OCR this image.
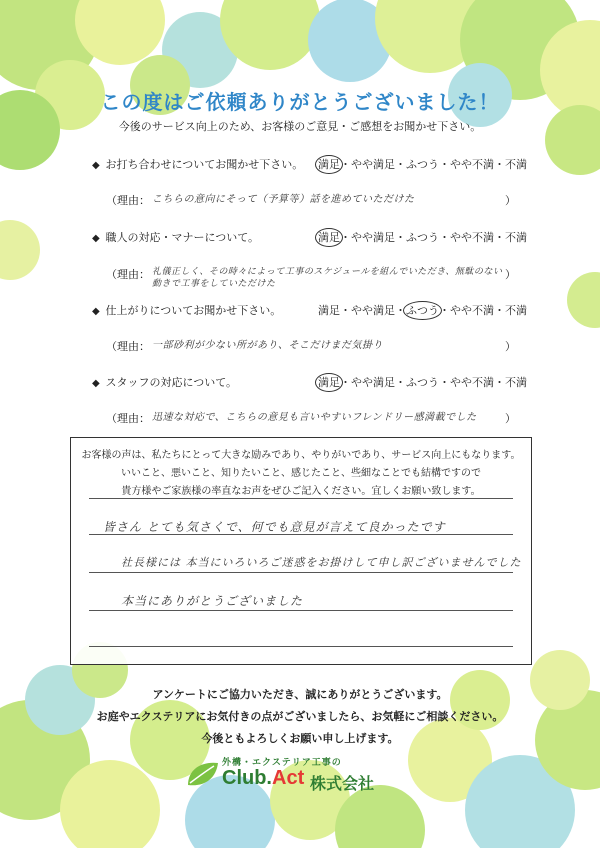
この度はご依頼ありがとうございました！
今後のサービス向上のため、お客様のご意見・ご感想をお聞かせ下さい。
◆ お打ち合わせについてお聞かせ下さい。 満足・やや満足・ふつう・やや不満・不満
（理由： こちらの意向にそって（予算等）話を進めていただけた	）
◆ 職人の対応・マナーについて。	満足・やや満足・ふつう・やや不満・不満
（理由： 礼儀正しく、その時々によって工事のスケジュールを組んでいただき、無駄のない
動きで工事をしていただけた
）
◆ 仕上がりについてお聞かせ下さい。	満足・やや満足・ふつう・やや不満・不満
（理由： 一部砂利が少ない所があり、そこだけまだ気掛り	）
◆ スタッフの対応について。	満足・やや満足・ふつう・やや不満・不満
（理由： 迅速な対応で、こちらの意見も言いやすいフレンドリー感満載でした	）
お客様の声は、私たちにとって大きな励みであり、やりがいであり、サービス向上にもなります。
いいこと、悪いこと、知りたいこと、感じたこと、些細なことでも結構ですので
貴方様やご家族様の率直なお声をぜひご記入ください。宜しくお願い致します。
皆さん とても気さくで、何でも意見が言えて良かったです
社長様には 本当にいろいろご迷惑をお掛けして申し訳ございませんでした
本当にありがとうございました
アンケートにご協力いただき、誠にありがとうございます。
お庭やエクステリアにお気付きの点がございましたら、お気軽にご相談ください。
今後ともよろしくお願い申し上げます。
外構・エクステリア工事の
Club.Act 株式会社
